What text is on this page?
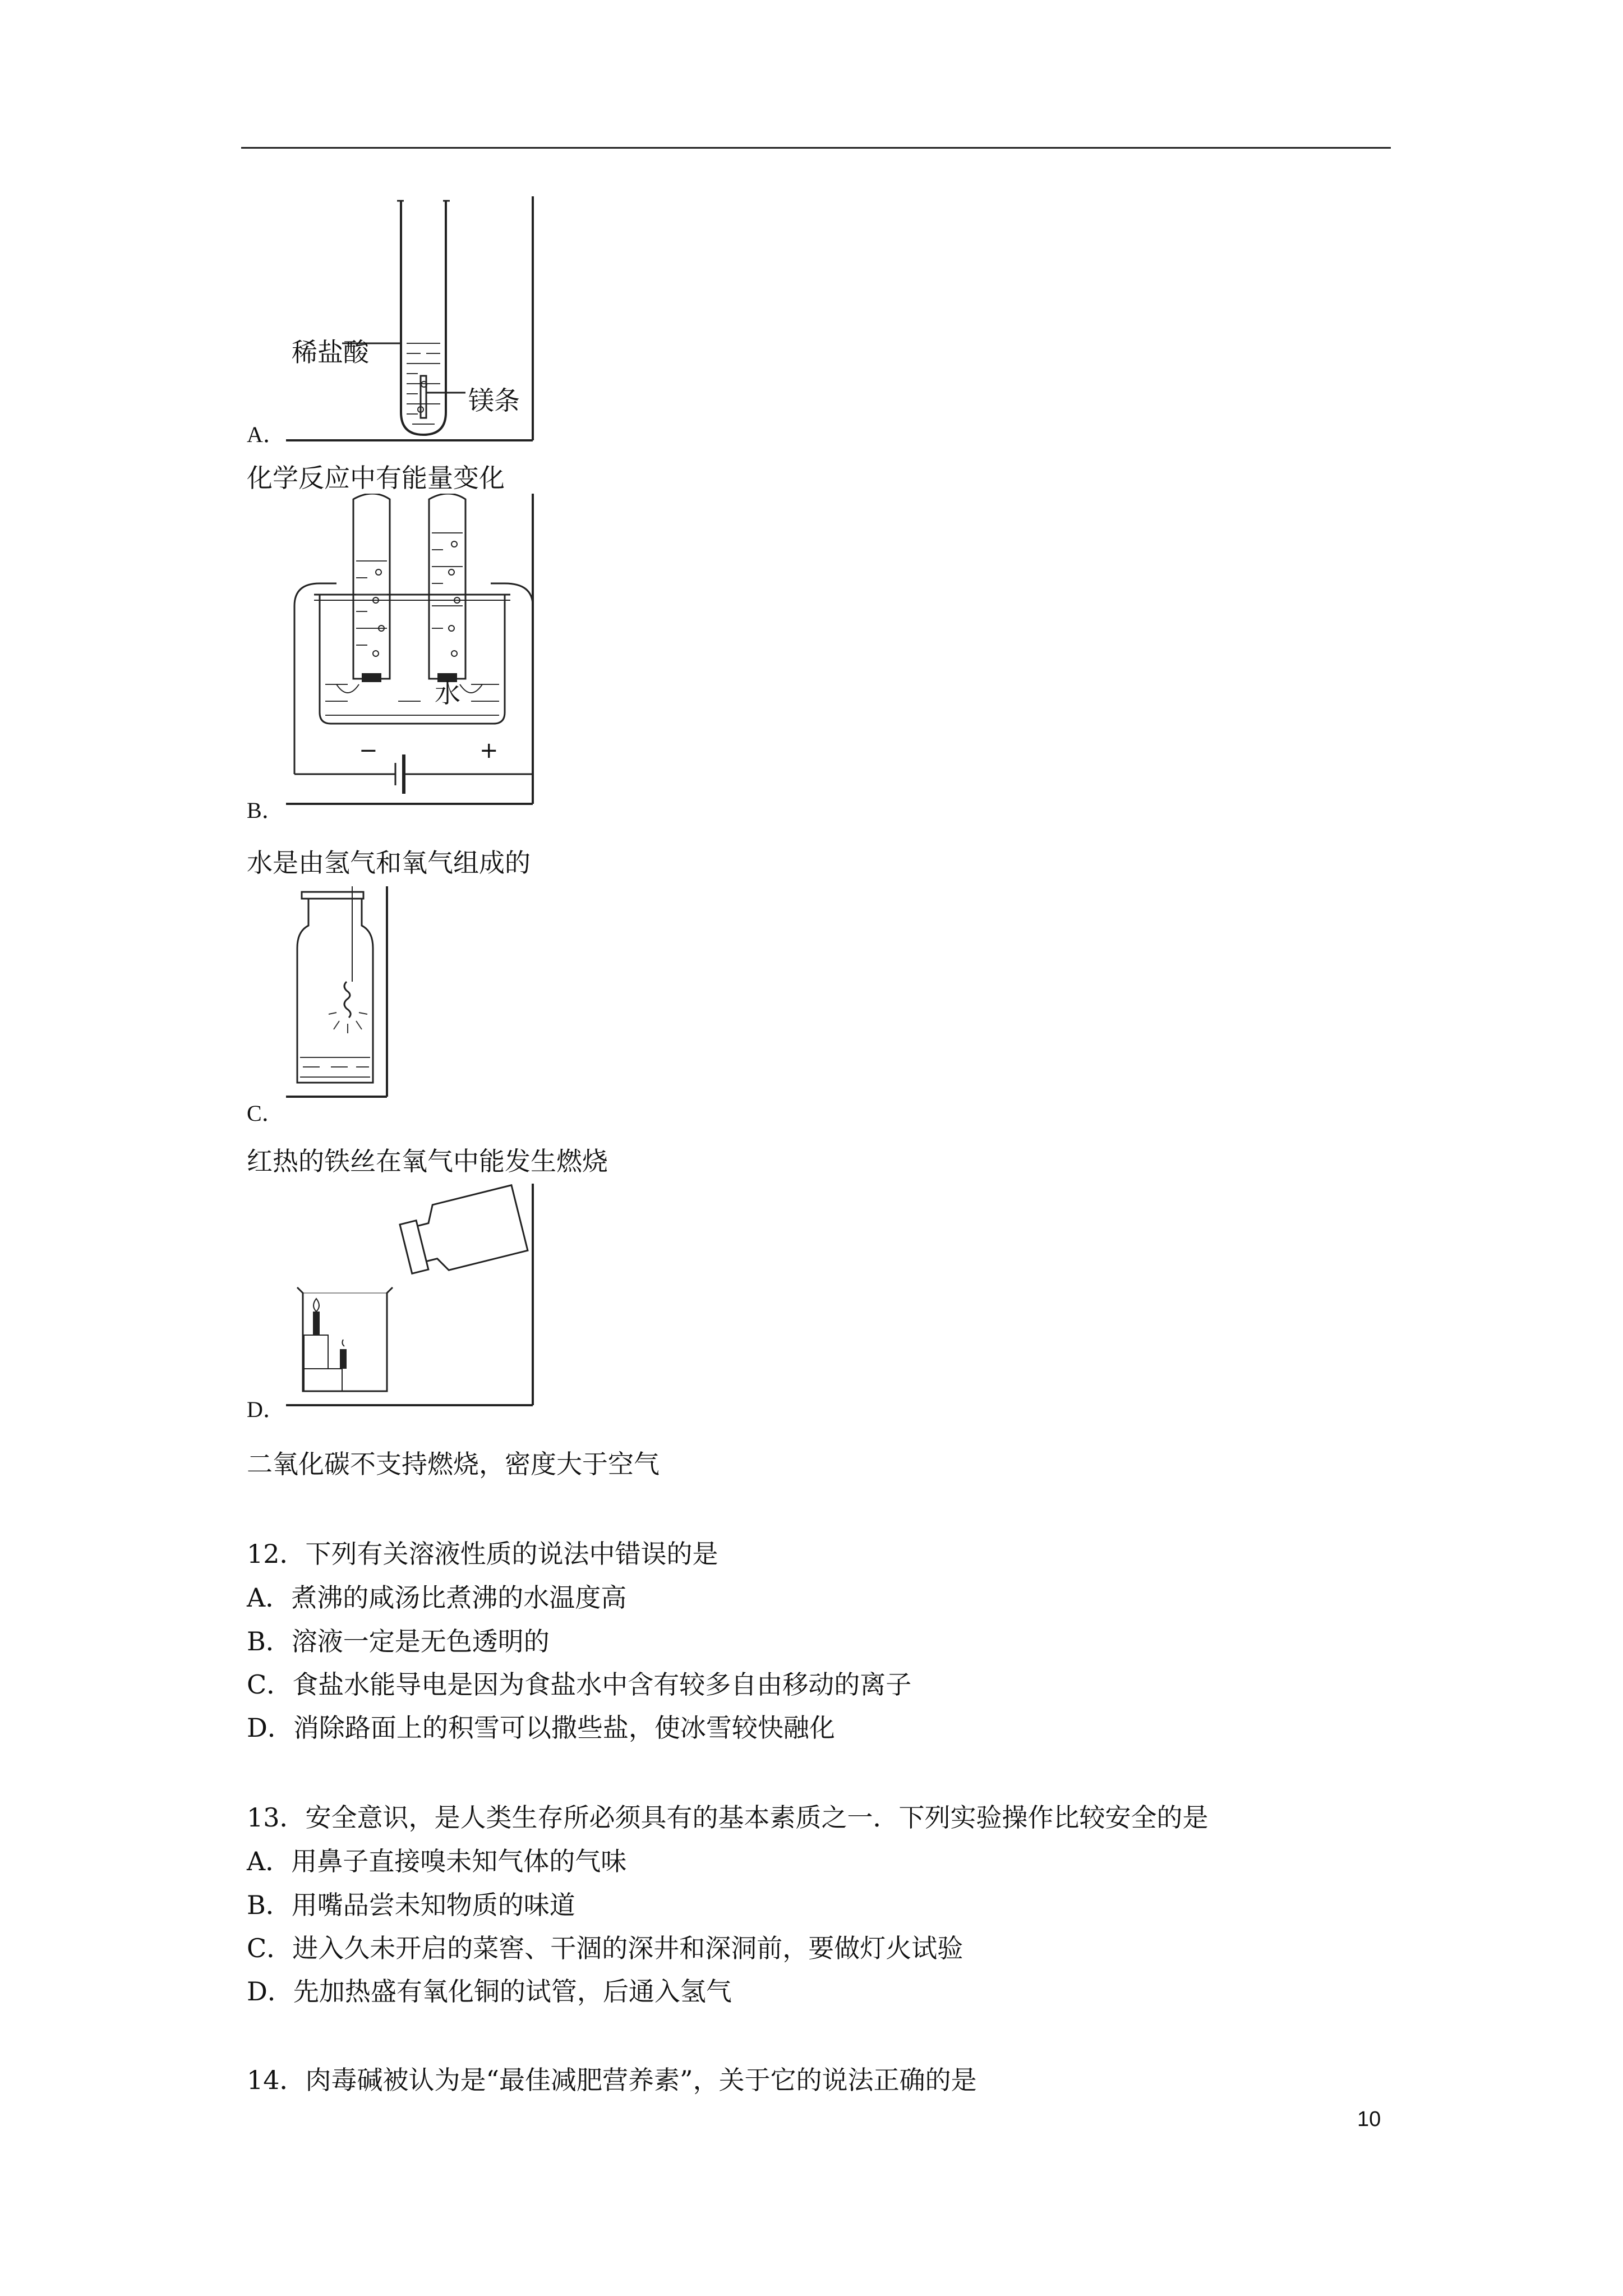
稀盐酸
镁条
A．
化学反应中有能量变化
水
−	+
B．
水是由氢气和氧气组成的
C．
红热的铁丝在氧气中能发生燃烧
D．
二氧化碳不支持燃烧，密度大于空气
12．下列有关溶液性质的说法中错误的是
A．煮沸的咸汤比煮沸的水温度高
B．溶液一定是无色透明的
C．食盐水能导电是因为食盐水中含有较多自由移动的离子
D．消除路面上的积雪可以撒些盐，使冰雪较快融化
13．安全意识，是人类生存所必须具有的基本素质之一．下列实验操作比较安全的是
A．用鼻子直接嗅未知气体的气味
B．用嘴品尝未知物质的味道
C．进入久未开启的菜窖、干涸的深井和深洞前，要做灯火试验
D．先加热盛有氧化铜的试管，后通入氢气
14．肉毒碱被认为是“最佳减肥营养素”，关于它的说法正确的是
10
